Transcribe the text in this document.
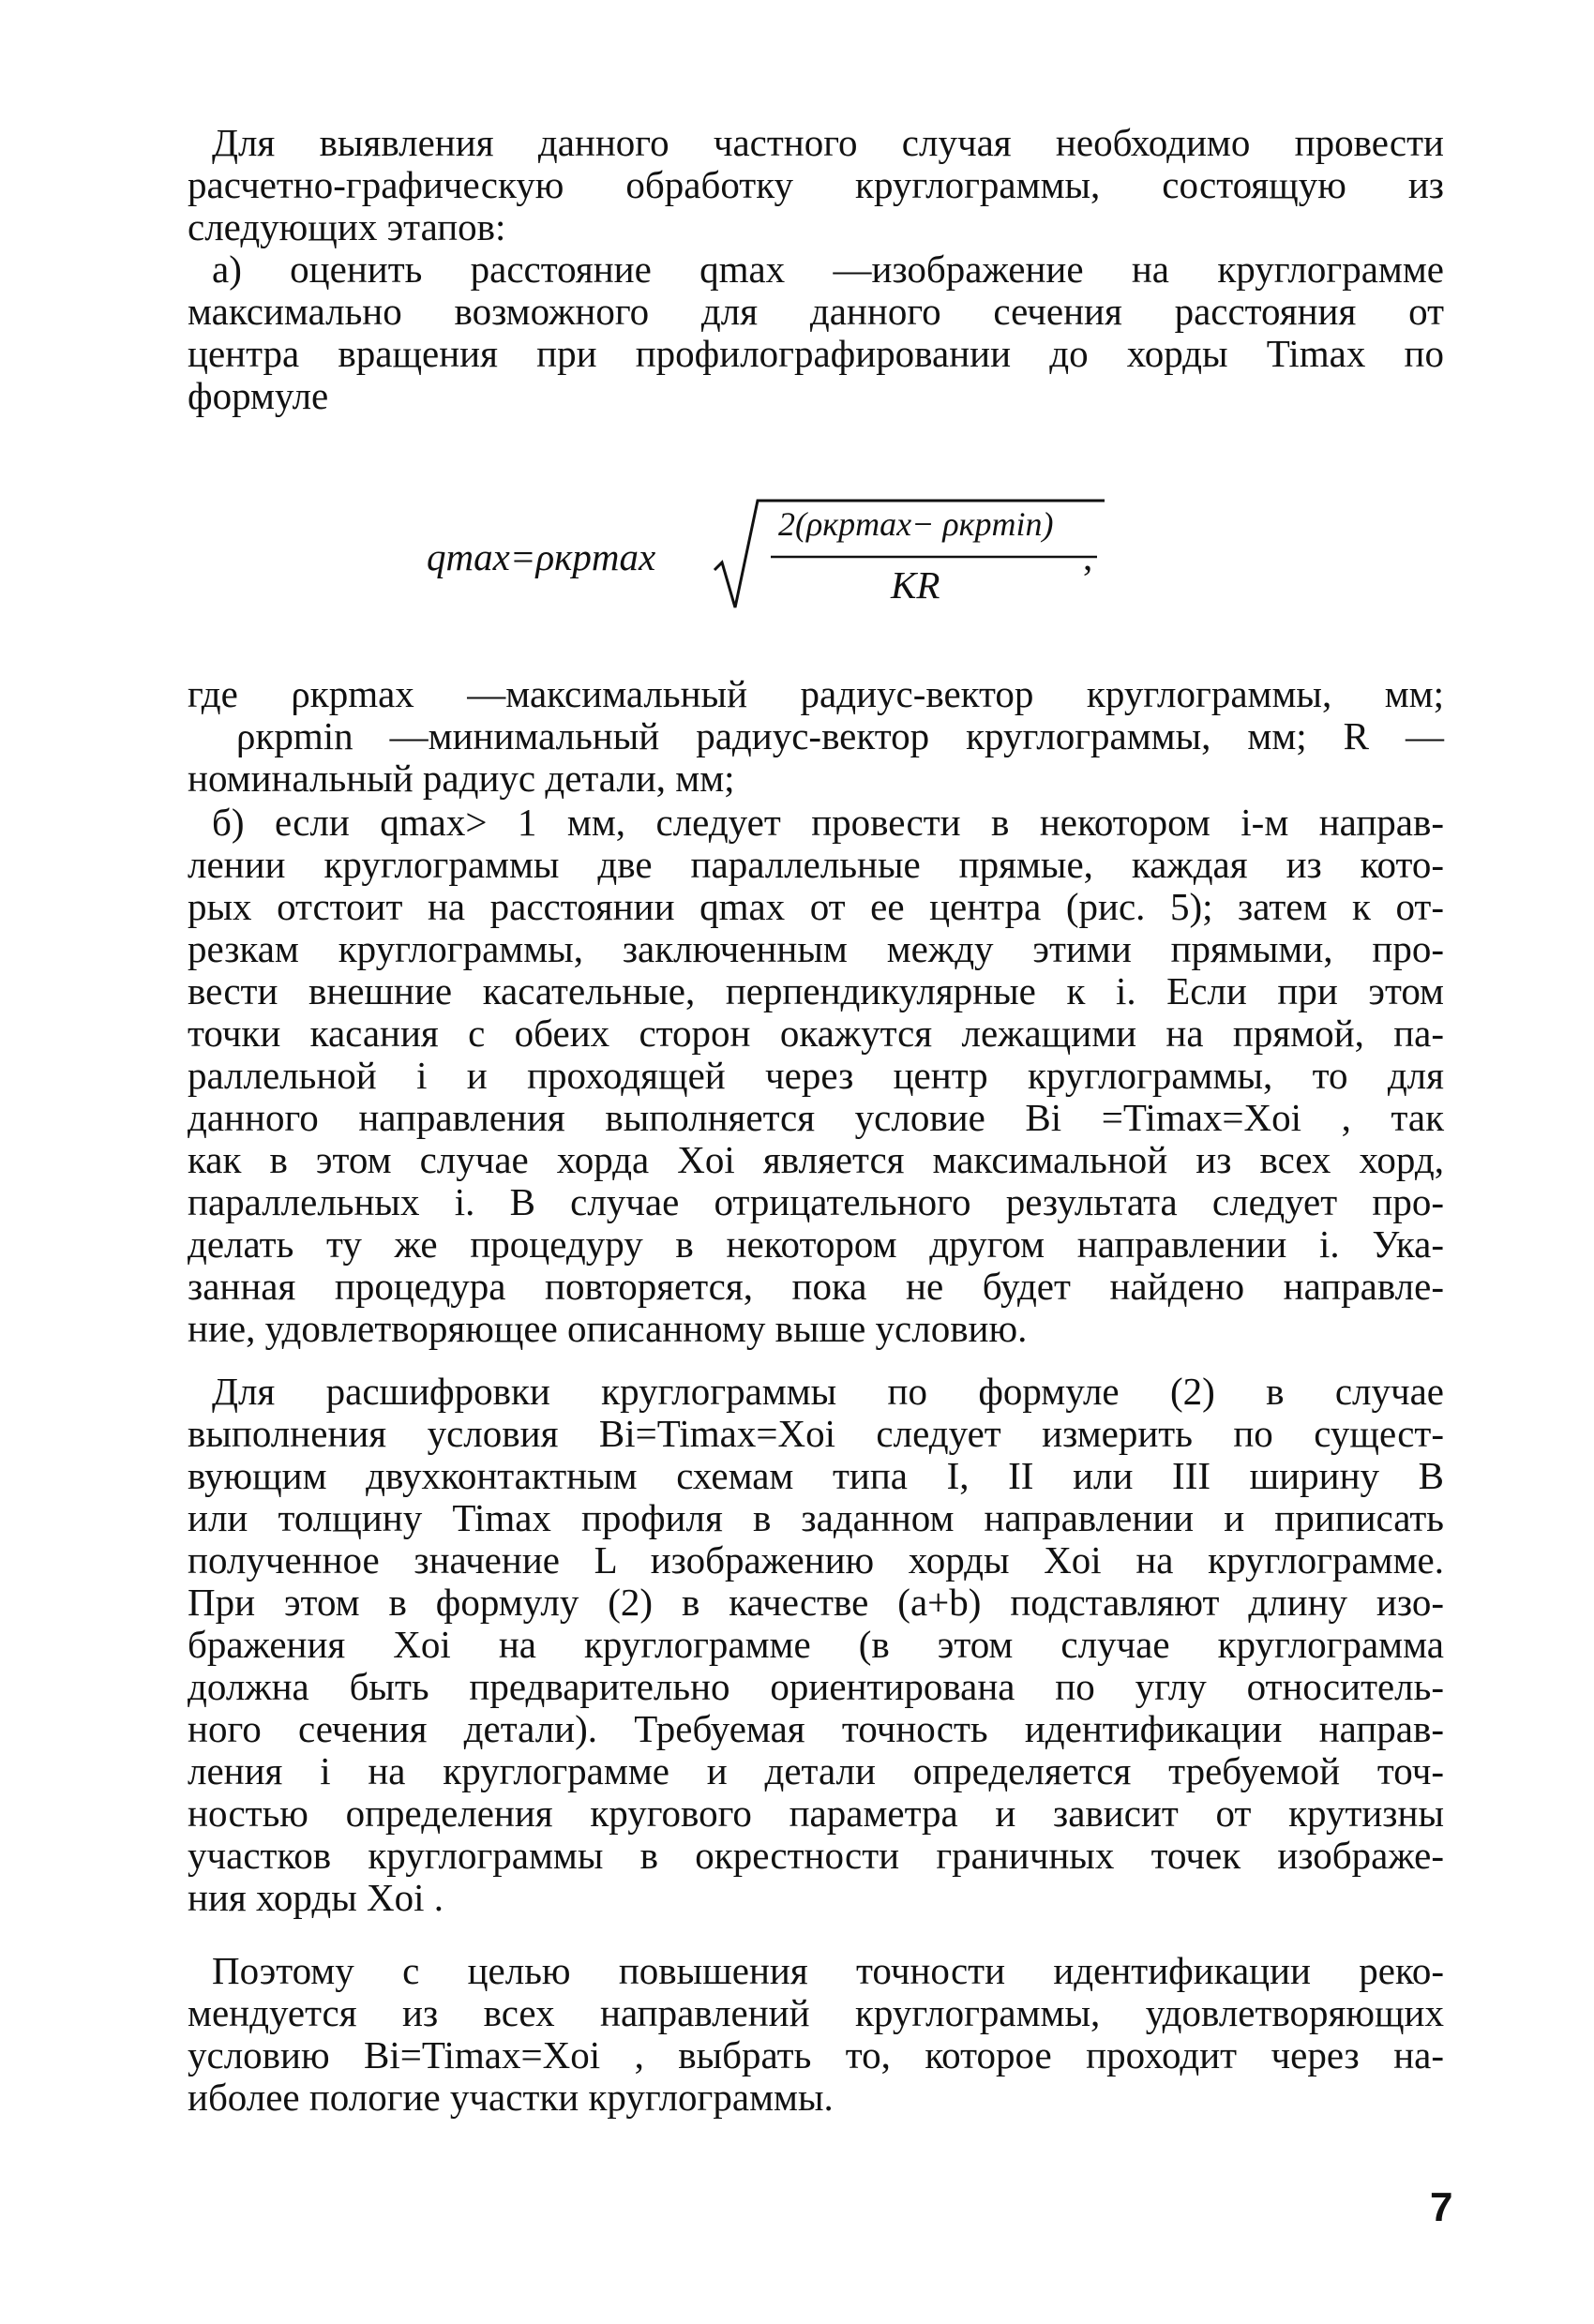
Для выявления данного частного случая необходимо провести
расчетно-графическую обработку круглограммы, состоящую из
следующих этапов:
а) оценить расстояние qmax —изображение на круглограмме
максимально возможного для данного сечения расстояния от
центра вращения при профилографировании до хорды Timax по
формуле
qmax=ρкрmax
2(ρкрmax− ρкрmin)
KR
,
где ρкрmax —максимальный радиус-вектор круглограммы, мм;
ρкрmin —минимальный радиус-вектор круглограммы, мм; R —
номинальный радиус детали, мм;
б) если qmax> 1 мм, следует провести в некотором i-м направ-
лении круглограммы две параллельные прямые, каждая из кото-
рых отстоит на расстоянии qmax от ее центра (рис. 5); затем к от-
резкам круглограммы, заключенным между этими прямыми, про-
вести внешние касательные, перпендикулярные к i. Если при этом
точки касания с обеих сторон окажутся лежащими на прямой, па-
раллельной i и проходящей через центр круглограммы, то для
данного направления выполняется условие Bi =Timax=Xoi , так
как в этом случае хорда Xoi является максимальной из всех хорд,
параллельных i. В случае отрицательного результата следует про-
делать ту же процедуру в некотором другом направлении i. Ука-
занная процедура повторяется, пока не будет найдено направле-
ние, удовлетворяющее описанному выше условию.
Для расшифровки круглограммы по формуле (2) в случае
выполнения условия Bi=Timax=Xoi следует измерить по сущест-
вующим двухконтактным схемам типа I, II или III ширину B
или толщину Timax профиля в заданном направлении и приписать
полученное значение L изображению хорды Xoi на круглограмме.
При этом в формулу (2) в качестве (a+b) подставляют длину изо-
бражения Xoi на круглограмме (в этом случае круглограмма
должна быть предварительно ориентирована по углу относитель-
ного сечения детали). Требуемая точность идентификации направ-
ления i на круглограмме и детали определяется требуемой точ-
ностью определения кругового параметра и зависит от крутизны
участков круглограммы в окрестности граничных точек изображе-
ния хорды Xoi .
Поэтому с целью повышения точности идентификации реко-
мендуется из всех направлений круглограммы, удовлетворяющих
условию Bi=Timax=Xoi , выбрать то, которое проходит через на-
иболее пологие участки круглограммы.
7
